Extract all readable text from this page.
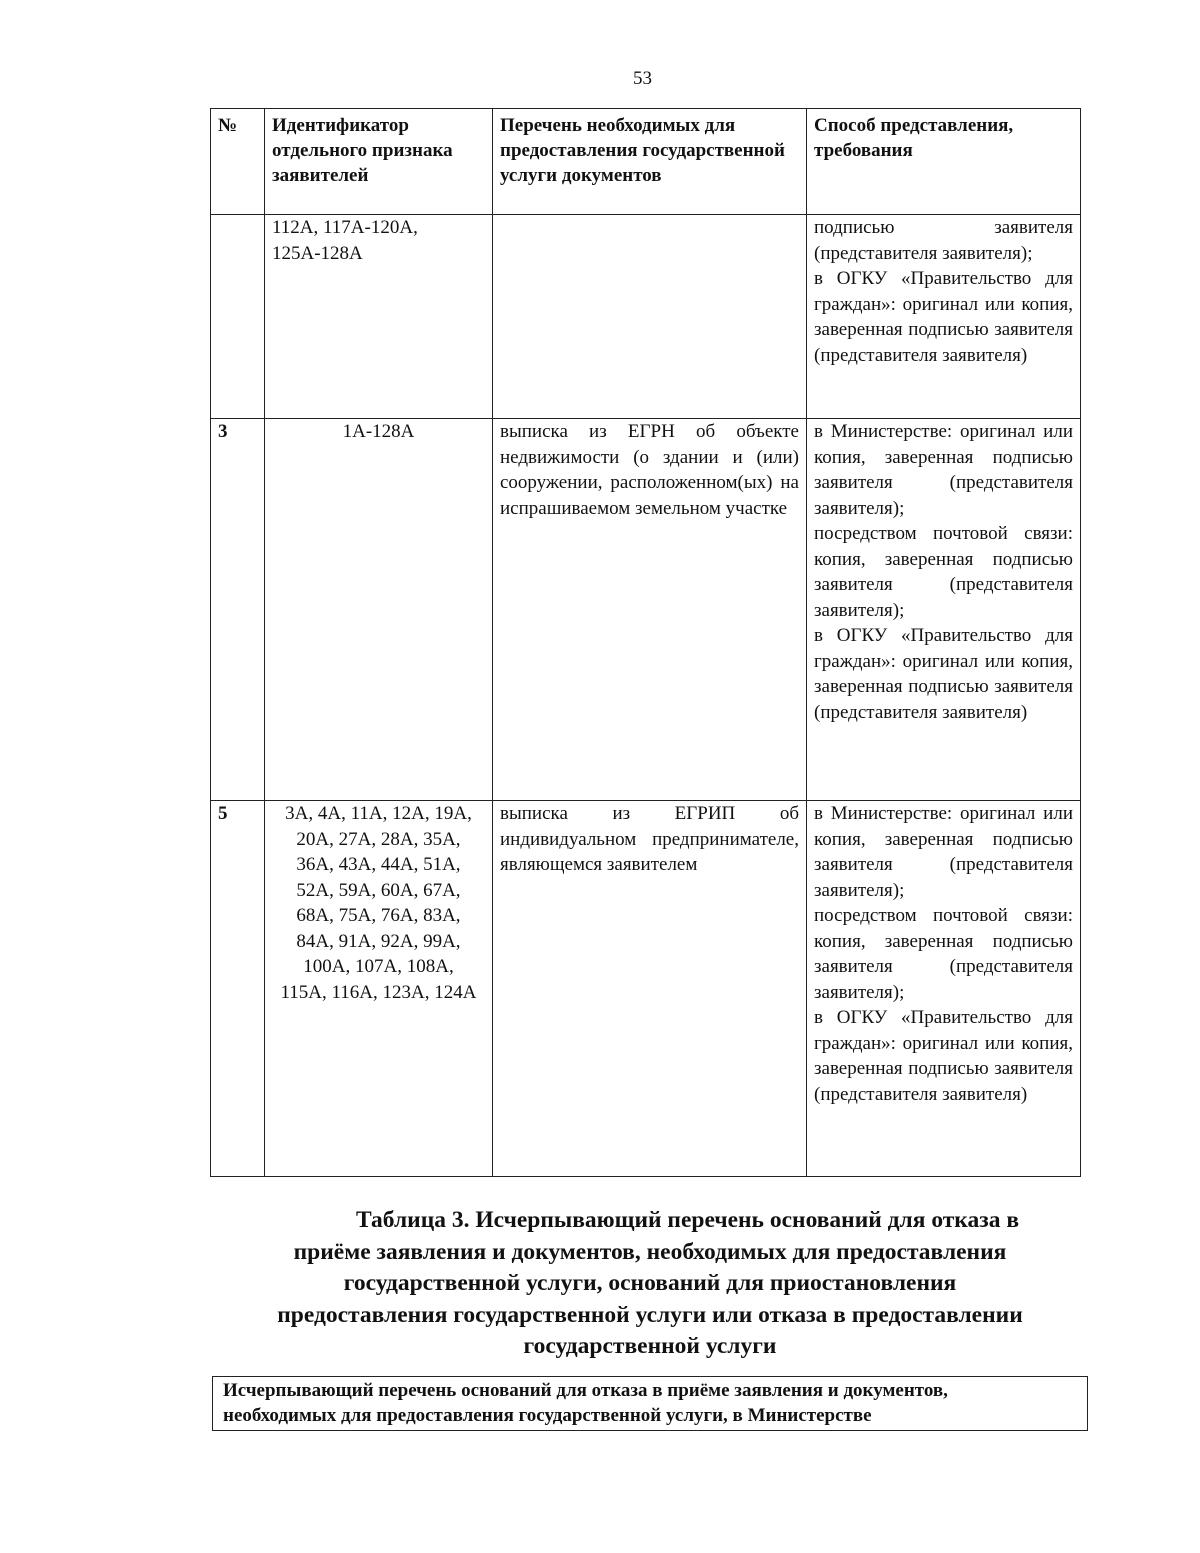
53
№	Идентификатор отдельного признака заявителей	Перечень необходимых для предоставления государственной услуги документов	Способ представления, требования
	112А, 117А-120А, 125А-128А		подписью заявителя (представителя заявителя);
в ОГКУ «Правительство для граждан»: оригинал или копия, заверенная подписью заявителя (представителя заявителя)

3	1А-128А	выписка из ЕГРН об объекте недвижимости (о здании и (или) сооружении, расположенном(ых) на испрашиваемом земельном участке	в Министерстве: оригинал или копия, заверенная подписью заявителя (представителя заявителя);
посредством почтовой связи: копия, заверенная подписью заявителя (представителя заявителя);
в ОГКУ «Правительство для граждан»: оригинал или копия, заверенная подписью заявителя (представителя заявителя)

5	3А, 4А, 11А, 12А, 19А, 20А, 27А, 28А, 35А, 36А, 43А, 44А, 51А, 52А, 59А, 60А, 67А, 68А, 75А, 76А, 83А, 84А, 91А, 92А, 99А, 100А, 107А, 108А, 115А, 116А, 123А, 124А	выписка из ЕГРИП об индивидуальном предпринимателе, являющемся заявителем	в Министерстве: оригинал или копия, заверенная подписью заявителя (представителя заявителя);
посредством почтовой связи: копия, заверенная подписью заявителя (представителя заявителя);
в ОГКУ «Правительство для граждан»: оригинал или копия, заверенная подписью заявителя (представителя заявителя)
Таблица 3. Исчерпывающий перечень оснований для отказа в
приёме заявления и документов, необходимых для предоставления
государственной услуги, оснований для приостановления
предоставления государственной услуги или отказа в предоставлении
государственной услуги
Исчерпывающий перечень оснований для отказа в приёме заявления и документов,
необходимых для предоставления государственной услуги, в Министерстве
